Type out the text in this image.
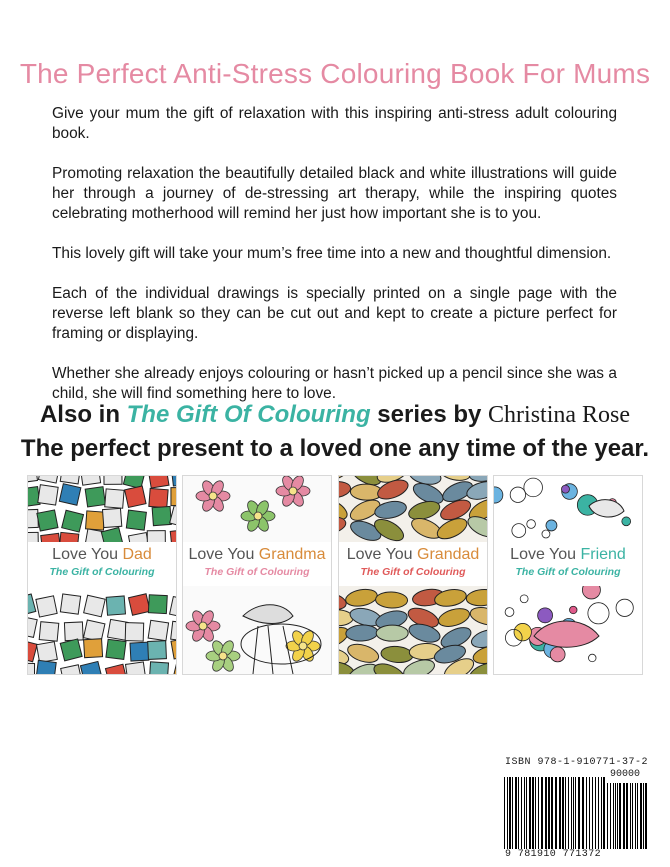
The Perfect Anti-Stress Colouring Book For Mums

Give your mum the gift of relaxation with this inspiring anti-stress adult colouring book.

Promoting relaxation the beautifully detailed black and white illustrations will guide her through a journey of de-stressing art therapy, while the inspiring quotes celebrating motherhood will remind her just how important she is to you.

This lovely gift will take your mum’s free time into a new and thoughtful dimension.

Each of the individual drawings is specially printed on a single page with the reverse left blank so they can be cut out and kept to create a picture perfect for framing or displaying.

Whether she already enjoys colouring or hasn’t picked up a pencil since she was a child, she will find something here to love.

Also in The Gift Of Colouring series by Christina Rose
The perfect present to a loved one any time of the year.
Love You Dad
The Gift of Colouring
Love You Grandma
The Gift of Colouring
Love You Grandad
The Gift of Colouring
Love You Friend
The Gift of Colouring
ISBN 978-1-910771-37-2
90000
9 781910 771372
